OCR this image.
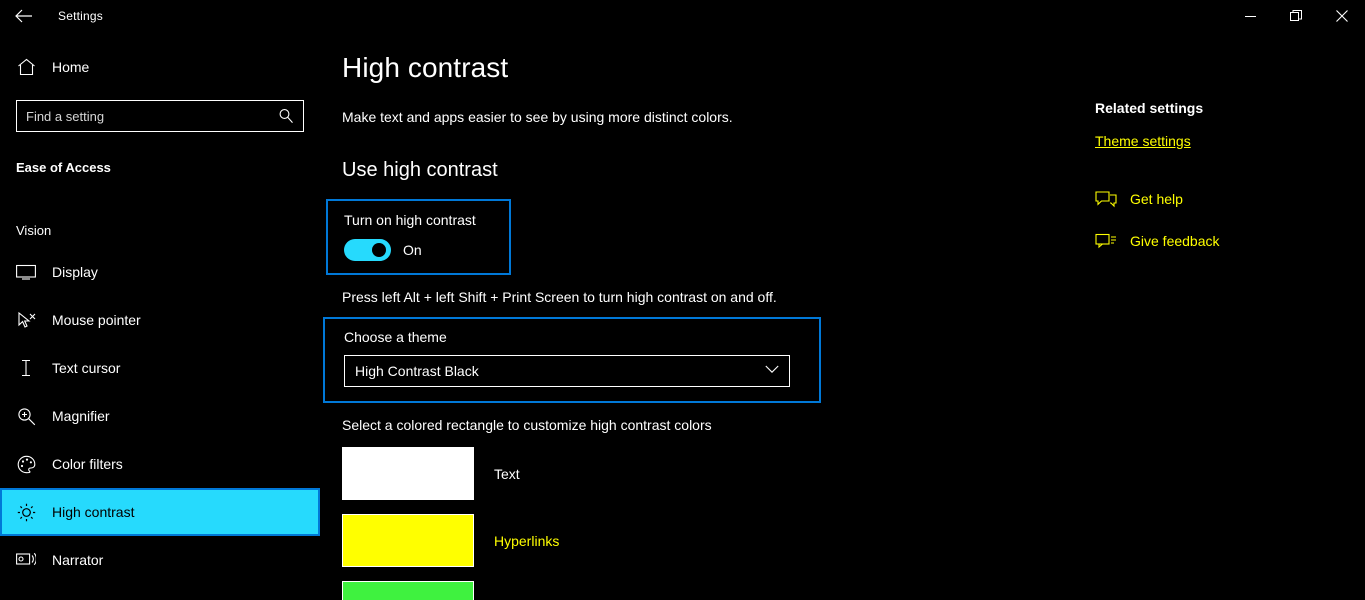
Settings
Home
Find a setting
Ease of Access
Vision
Display
Mouse pointer
Text cursor
Magnifier
Color filters
High contrast
Narrator
High contrast
Make text and apps easier to see by using more distinct colors.
Use high contrast
Turn on high contrast
On
Press left Alt + left Shift + Print Screen to turn high contrast on and off.
Choose a theme
High Contrast Black
Select a colored rectangle to customize high contrast colors
Text
Hyperlinks
Related settings
Theme settings
Get help
Give feedback
